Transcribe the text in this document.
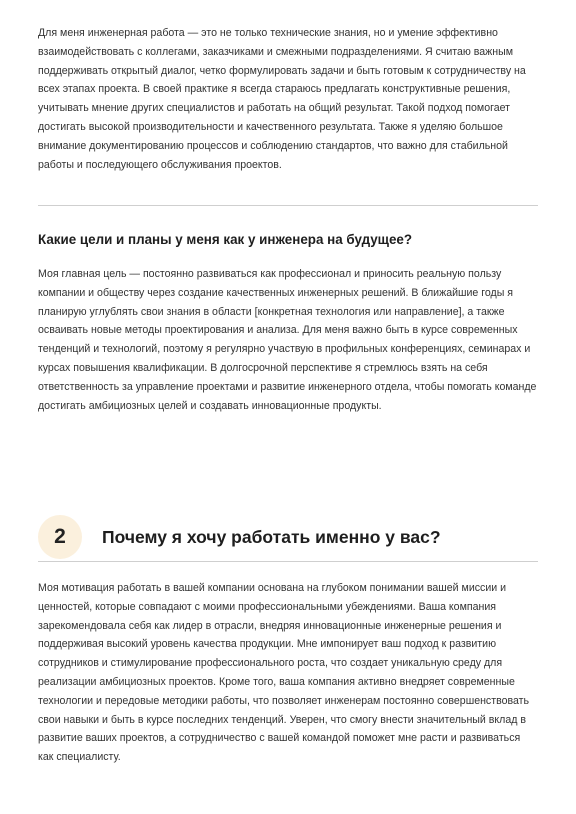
Для меня инженерная работа — это не только технические знания, но и умение эффективно взаимодействовать с коллегами, заказчиками и смежными подразделениями. Я считаю важным поддерживать открытый диалог, четко формулировать задачи и быть готовым к сотрудничеству на всех этапах проекта. В своей практике я всегда стараюсь предлагать конструктивные решения, учитывать мнение других специалистов и работать на общий результат. Такой подход помогает достигать высокой производительности и качественного результата. Также я уделяю большое внимание документированию процессов и соблюдению стандартов, что важно для стабильной работы и последующего обслуживания проектов.

Какие цели и планы у меня как у инженера на будущее?

Моя главная цель — постоянно развиваться как профессионал и приносить реальную пользу компании и обществу через создание качественных инженерных решений. В ближайшие годы я планирую углублять свои знания в области [конкретная технология или направление], а также осваивать новые методы проектирования и анализа. Для меня важно быть в курсе современных тенденций и технологий, поэтому я регулярно участвую в профильных конференциях, семинарах и курсах повышения квалификации. В долгосрочной перспективе я стремлюсь взять на себя ответственность за управление проектами и развитие инженерного отдела, чтобы помогать команде достигать амбициозных целей и создавать инновационные продукты.

2	Почему я хочу работать именно у вас?

Моя мотивация работать в вашей компании основана на глубоком понимании вашей миссии и ценностей, которые совпадают с моими профессиональными убеждениями. Ваша компания зарекомендовала себя как лидер в отрасли, внедряя инновационные инженерные решения и поддерживая высокий уровень качества продукции. Мне импонирует ваш подход к развитию сотрудников и стимулирование профессионального роста, что создает уникальную среду для реализации амбициозных проектов. Кроме того, ваша компания активно внедряет современные технологии и передовые методики работы, что позволяет инженерам постоянно совершенствовать свои навыки и быть в курсе последних тенденций. Уверен, что смогу внести значительный вклад в развитие ваших проектов, а сотрудничество с вашей командой поможет мне расти и развиваться как специалисту.
